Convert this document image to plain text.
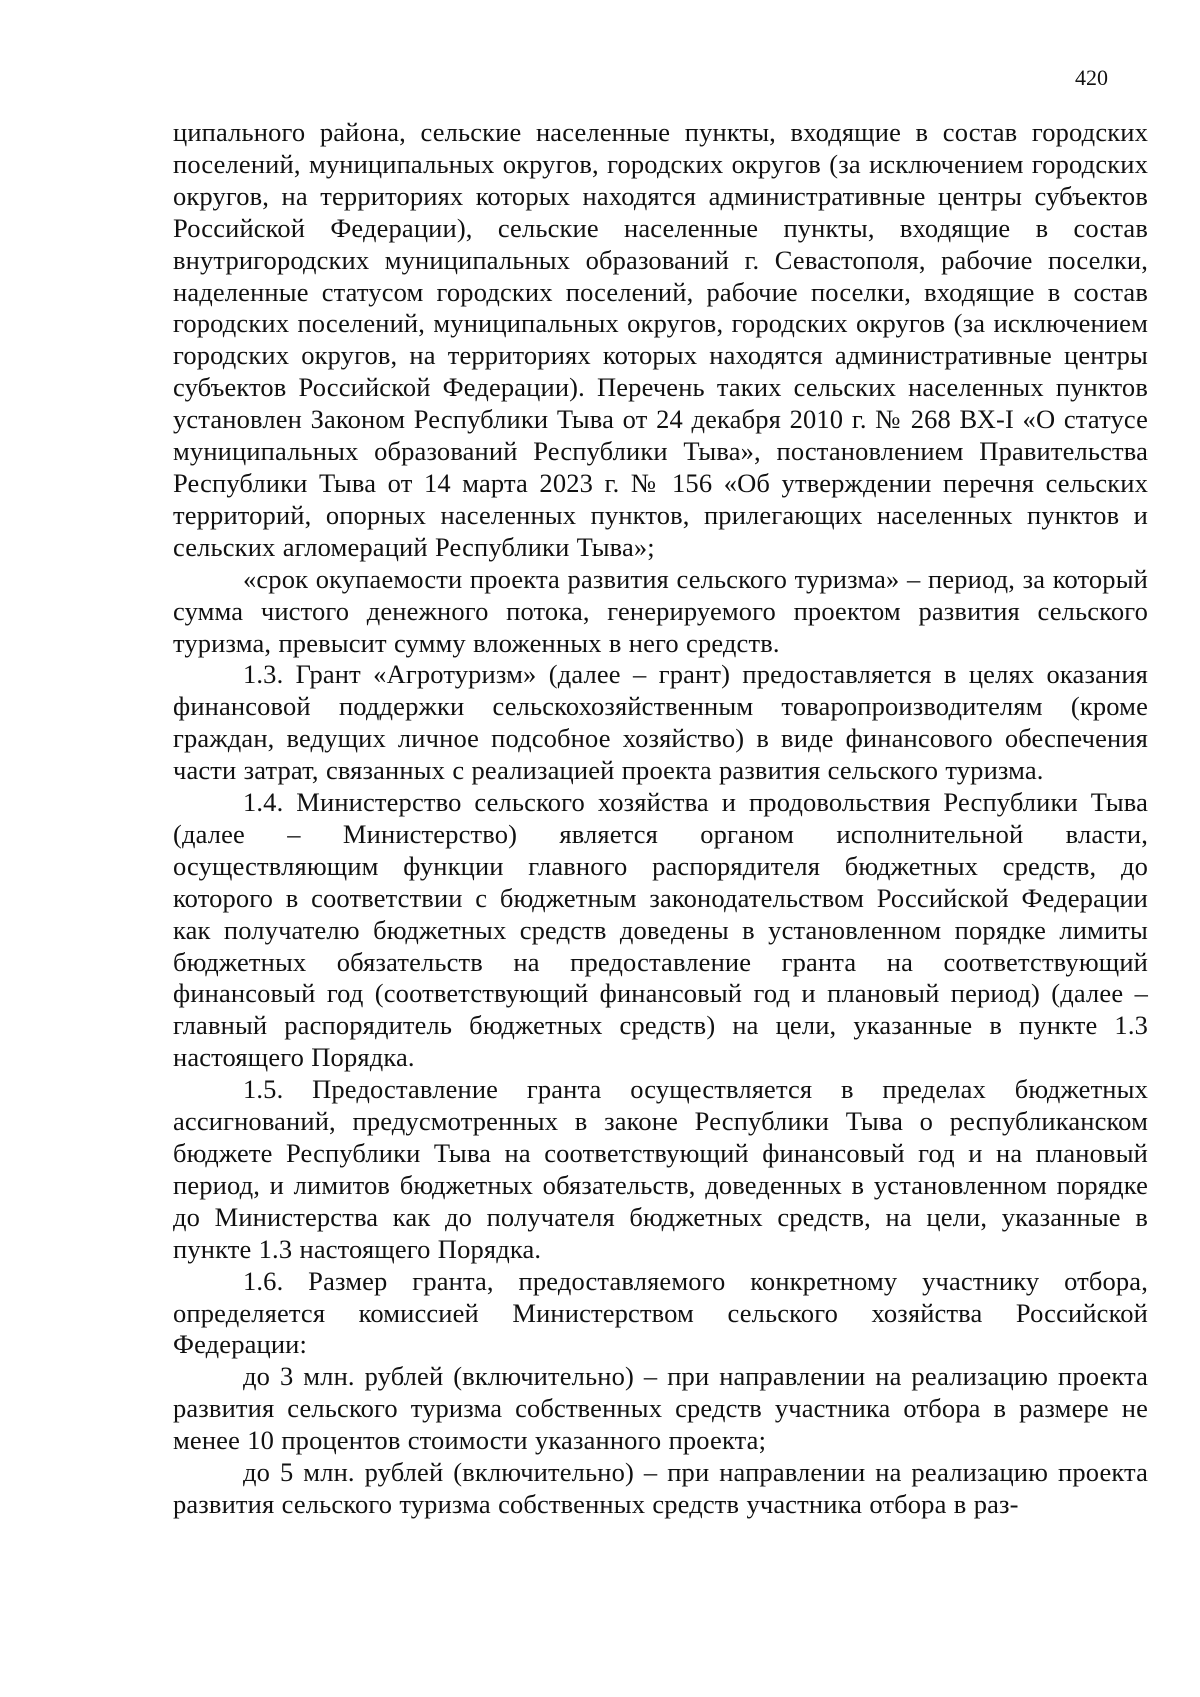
420

ципального района, сельские населенные пункты, входящие в состав городских поселений, муниципальных округов, городских округов (за исключением городских округов, на территориях которых находятся административные центры субъектов Российской Федерации), сельские населенные пункты, входящие в состав внутригородских муниципальных образований г. Севастополя, рабочие поселки, наделенные статусом городских поселений, рабочие поселки, входящие в состав городских поселений, муниципальных округов, городских округов (за исключением городских округов, на территориях которых находятся административные центры субъектов Российской Федерации). Перечень таких сельских населенных пунктов установлен Законом Республики Тыва от 24 декабря 2010 г. № 268 ВХ-I «О статусе муниципальных образований Республики Тыва», постановлением Правительства Республики Тыва от 14 марта 2023 г. № 156 «Об утверждении перечня сельских территорий, опорных населенных пунктов, прилегающих населенных пунктов и сельских агломераций Республики Тыва»;

«срок окупаемости проекта развития сельского туризма» – период, за который сумма чистого денежного потока, генерируемого проектом развития сельского туризма, превысит сумму вложенных в него средств.

1.3. Грант «Агротуризм» (далее – грант) предоставляется в целях оказания финансовой поддержки сельскохозяйственным товаропроизводителям (кроме граждан, ведущих личное подсобное хозяйство) в виде финансового обеспечения части затрат, связанных с реализацией проекта развития сельского туризма.

1.4. Министерство сельского хозяйства и продовольствия Республики Тыва (далее – Министерство) является органом исполнительной власти, осуществляющим функции главного распорядителя бюджетных средств, до которого в соответствии с бюджетным законодательством Российской Федерации как получателю бюджетных средств доведены в установленном порядке лимиты бюджетных обязательств на предоставление гранта на соответствующий финансовый год (соответствующий финансовый год и плановый период) (далее – главный распорядитель бюджетных средств) на цели, указанные в пункте 1.3 настоящего Порядка.

1.5. Предоставление гранта осуществляется в пределах бюджетных ассигнований, предусмотренных в законе Республики Тыва о республиканском бюджете Республики Тыва на соответствующий финансовый год и на плановый период, и лимитов бюджетных обязательств, доведенных в установленном порядке до Министерства как до получателя бюджетных средств, на цели, указанные в пункте 1.3 настоящего Порядка.

1.6. Размер гранта, предоставляемого конкретному участнику отбора, определяется комиссией Министерством сельского хозяйства Российской Федерации:

до 3 млн. рублей (включительно) – при направлении на реализацию проекта развития сельского туризма собственных средств участника отбора в размере не менее 10 процентов стоимости указанного проекта;

до 5 млн. рублей (включительно) – при направлении на реализацию проекта развития сельского туризма собственных средств участника отбора в раз-
